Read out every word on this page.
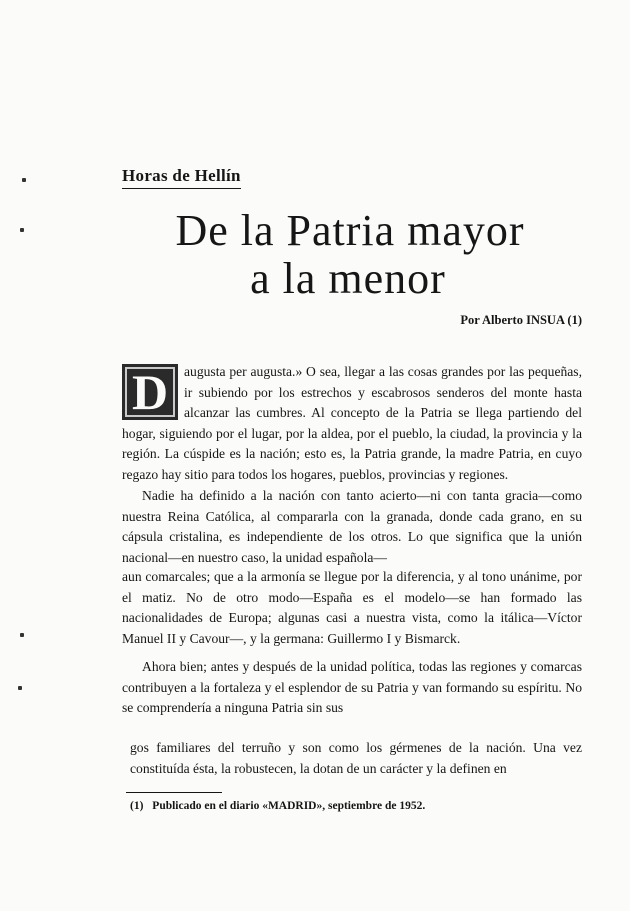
Horas de Hellín
De la Patria mayor
a la menor

Por Alberto INSUA (1)

D	augusta per augusta.» O sea, llegar a las cosas grandes por las pequeñas, ir subiendo por los estrechos y escabrosos senderos del monte hasta alcanzar las cumbres. Al concepto de la Patria se llega partiendo del hogar, siguiendo por el lugar, por la aldea, por el pueblo, la ciudad, la provincia y la región. La cúspide es la nación; esto es, la Patria grande, la madre Patria, en cuyo regazo hay sitio para todos los hogares, pueblos, provincias y regiones.

Nadie ha definido a la nación con tanto acierto—ni con tanta gracia—como nuestra Reina Católica, al compararla con la granada, donde cada grano, en su cápsula cristalina, es independiente de los otros. Lo que significa que la unión nacional—en nuestro caso, la unidad española—

aun comarcales; que a la armonía se llegue por la diferencia, y al tono unánime, por el matiz. No de otro modo—España es el modelo—se han formado las nacionalidades de Europa; algunas casi a nuestra vista, como la itálica—Víctor Manuel II y Cavour—, y la germana: Guillermo I y Bismarck.

Ahora bien; antes y después de la unidad política, todas las regiones y comarcas contribuyen a la fortaleza y el esplendor de su Patria y van formando su espíritu. No se comprendería a ninguna Patria sin sus

gos familiares del terruño y son como los gérmenes de la nación. Una vez constituída ésta, la robustecen, la dotan de un carácter y la definen en

(1) Publicado en el diario «MADRID», septiembre de 1952.
